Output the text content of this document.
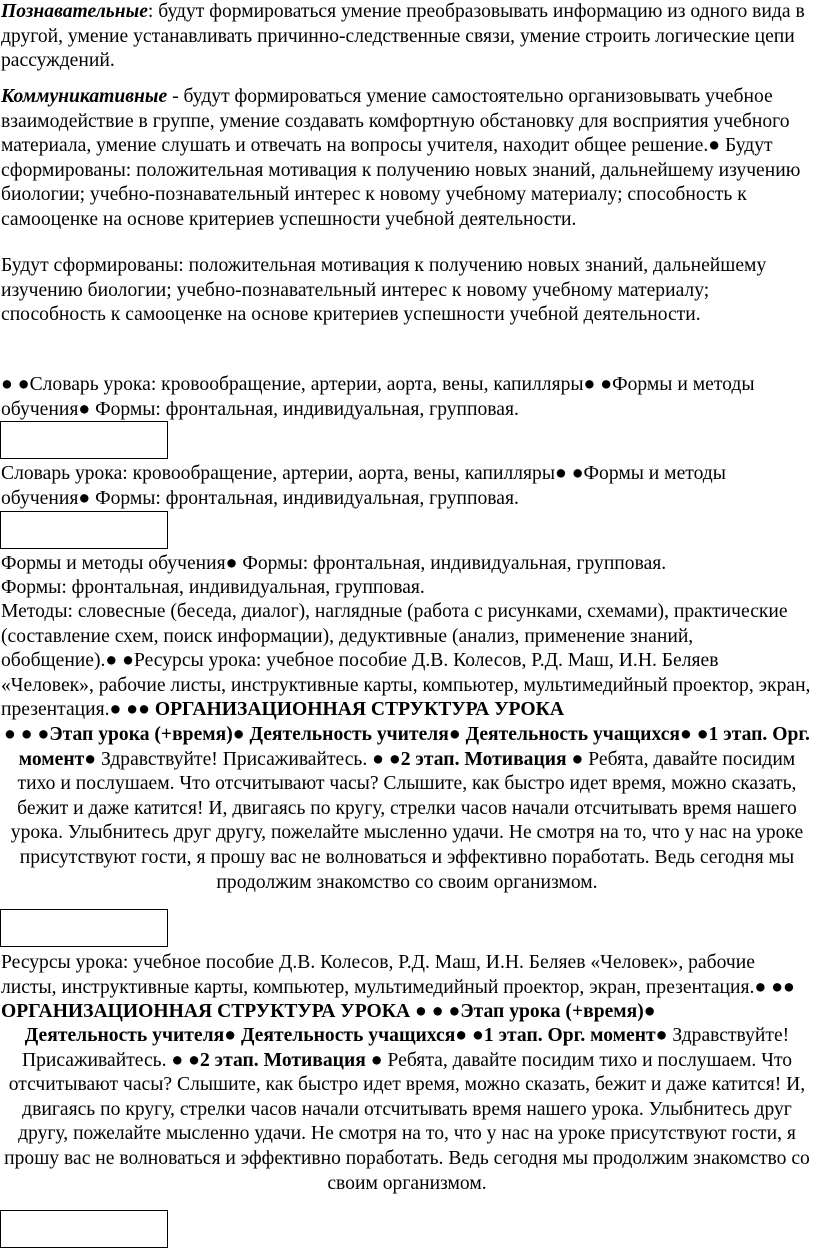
Познавательные: будут формироваться умение преобразовывать информацию из одного вида в другой, умение устанавливать причинно-следственные связи, умение строить логические цепи рассуждений.

Коммуникативные - будут формироваться умение самостоятельно организовывать учебное взаимодействие в группе, умение создавать комфортную обстановку для восприятия учебного материала, умение слушать и отвечать на вопросы учителя, находит общее решение.● Будут сформированы: положительная мотивация к получению новых знаний, дальнейшему изучению биологии; учебно-познавательный интерес к новому учебному материалу; способность к самооценке на основе критериев успешности учебной деятельности.

Будут сформированы: положительная мотивация к получению новых знаний, дальнейшему изучению биологии; учебно-познавательный интерес к новому учебному материалу; способность к самооценке на основе критериев успешности учебной деятельности.

● ●Словарь урока: кровообращение, артерии, аорта, вены, капилляры● ●Формы и методы обучения● Формы: фронтальная, индивидуальная, групповая.

Словарь урока: кровообращение, артерии, аорта, вены, капилляры● ●Формы и методы обучения● Формы: фронтальная, индивидуальная, групповая.

Формы и методы обучения● Формы: фронтальная, индивидуальная, групповая.

Формы: фронтальная, индивидуальная, групповая.

Методы: словесные (беседа, диалог), наглядные (работа с рисунками, схемами), практические (составление схем, поиск информации), дедуктивные (анализ, применение знаний, обобщение).● ●Ресурсы урока: учебное пособие Д.В. Колесов, Р.Д. Маш, И.Н. Беляев «Человек», рабочие листы, инструктивные карты, компьютер, мультимедийный проектор, экран, презентация.● ●● ОРГАНИЗАЦИОННАЯ СТРУКТУРА УРОКА

● ● ●Этап урока (+время)● Деятельность учителя● Деятельность учащихся● ●1 этап. Орг. момент● Здравствуйте! Присаживайтесь. ● ●2 этап. Мотивация ● Ребята, давайте посидим тихо и послушаем. Что отсчитывают часы? Слышите, как быстро идет время, можно сказать, бежит и даже катится! И, двигаясь по кругу, стрелки часов начали отсчитывать время нашего урока. Улыбнитесь друг другу, пожелайте мысленно удачи. Не смотря на то, что у нас на уроке присутствуют гости, я прошу вас не волноваться и эффективно поработать. Ведь сегодня мы продолжим знакомство со своим организмом.

Ресурсы урока: учебное пособие Д.В. Колесов, Р.Д. Маш, И.Н. Беляев «Человек», рабочие листы, инструктивные карты, компьютер, мультимедийный проектор, экран, презентация.● ●● ОРГАНИЗАЦИОННАЯ СТРУКТУРА УРОКА ● ● ●Этап урока (+время)●

Деятельность учителя● Деятельность учащихся● ●1 этап. Орг. момент● Здравствуйте! Присаживайтесь. ● ●2 этап. Мотивация ● Ребята, давайте посидим тихо и послушаем. Что отсчитывают часы? Слышите, как быстро идет время, можно сказать, бежит и даже катится! И, двигаясь по кругу, стрелки часов начали отсчитывать время нашего урока. Улыбнитесь друг другу, пожелайте мысленно удачи. Не смотря на то, что у нас на уроке присутствуют гости, я прошу вас не волноваться и эффективно поработать. Ведь сегодня мы продолжим знакомство со своим организмом.
